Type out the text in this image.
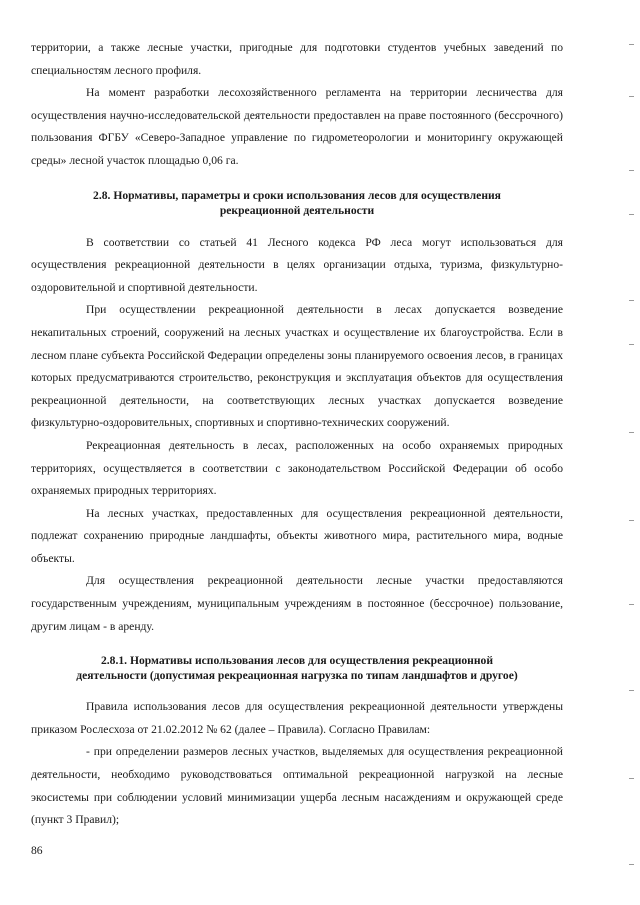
территории, а также лесные участки, пригодные для подготовки студентов учебных заведений по специальностям лесного профиля.

На момент разработки лесохозяйственного регламента на территории лесничества для осуществления научно-исследовательской деятельности предоставлен на праве постоянного (бессрочного) пользования ФГБУ «Северо-Западное управление по гидрометеорологии и мониторингу окружающей среды» лесной участок площадью 0,06 га.

2.8. Нормативы, параметры и сроки использования лесов для осуществления
рекреационной деятельности

В соответствии со статьей 41 Лесного кодекса РФ леса могут использоваться для осуществления рекреационной деятельности в целях организации отдыха, туризма, физкультурно-оздоровительной и спортивной деятельности.

При осуществлении рекреационной деятельности в лесах допускается возведение некапитальных строений, сооружений на лесных участках и осуществление их благоустройства. Если в лесном плане субъекта Российской Федерации определены зоны планируемого освоения лесов, в границах которых предусматриваются строительство, реконструкция и эксплуатация объектов для осуществления рекреационной деятельности, на соответствующих лесных участках допускается возведение физкультурно-оздоровительных, спортивных и спортивно-технических сооружений.

Рекреационная деятельность в лесах, расположенных на особо охраняемых природных территориях, осуществляется в соответствии с законодательством Российской Федерации об особо охраняемых природных территориях.

На лесных участках, предоставленных для осуществления рекреационной деятельности, подлежат сохранению природные ландшафты, объекты животного мира, растительного мира, водные объекты.

Для осуществления рекреационной деятельности лесные участки предоставляются государственным учреждениям, муниципальным учреждениям в постоянное (бессрочное) пользование, другим лицам - в аренду.

2.8.1. Нормативы использования лесов для осуществления рекреационной
деятельности (допустимая рекреационная нагрузка по типам ландшафтов и другое)

Правила использования лесов для осуществления рекреационной деятельности утверждены приказом Рослесхоза от 21.02.2012 № 62 (далее – Правила). Согласно Правилам:

- при определении размеров лесных участков, выделяемых для осуществления рекреационной деятельности, необходимо руководствоваться оптимальной рекреационной нагрузкой на лесные экосистемы при соблюдении условий минимизации ущерба лесным насаждениям и окружающей среде (пункт 3 Правил);

86
